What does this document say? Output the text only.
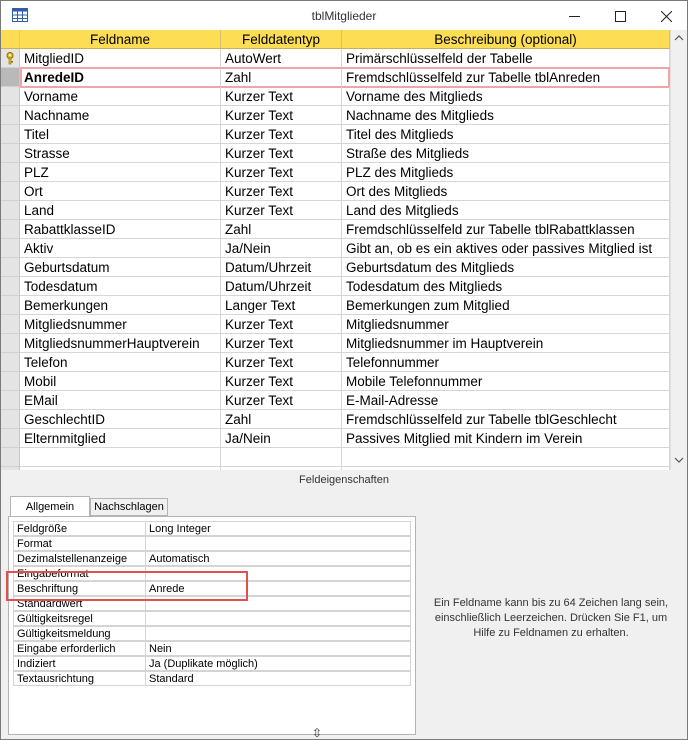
tblMitglieder
Feldname	Felddatentyp	Beschreibung (optional)
MitgliedID	AutoWert	Primärschlüsselfeld der Tabelle
AnredeID	Zahl	Fremdschlüsselfeld zur Tabelle tblAnreden
Vorname	Kurzer Text	Vorname des Mitglieds
Nachname	Kurzer Text	Nachname des Mitglieds
Titel	Kurzer Text	Titel des Mitglieds
Strasse	Kurzer Text	Straße des Mitglieds
PLZ	Kurzer Text	PLZ des Mitglieds
Ort	Kurzer Text	Ort des Mitglieds
Land	Kurzer Text	Land des Mitglieds
RabattklasseID	Zahl	Fremdschlüsselfeld zur Tabelle tblRabattklassen
Aktiv	Ja/Nein	Gibt an, ob es ein aktives oder passives Mitglied ist
Geburtsdatum	Datum/Uhrzeit	Geburtsdatum des Mitglieds
Todesdatum	Datum/Uhrzeit	Todesdatum des Mitglieds
Bemerkungen	Langer Text	Bemerkungen zum Mitglied
Mitgliedsnummer	Kurzer Text	Mitgliedsnummer
MitgliedsnummerHauptverein	Kurzer Text	Mitgliedsnummer im Hauptverein
Telefon	Kurzer Text	Telefonnummer
Mobil	Kurzer Text	Mobile Telefonnummer
EMail	Kurzer Text	E-Mail-Adresse
GeschlechtID	Zahl	Fremdschlüsselfeld zur Tabelle tblGeschlecht
Elternmitglied	Ja/Nein	Passives Mitglied mit Kindern im Verein
Feldeigenschaften
Allgemein	Nachschlagen
Feldgröße	Long Integer
Format
Dezimalstellenanzeige	Automatisch
Eingabeformat
Beschriftung	Anrede
Standardwert
Gültigkeitsregel
Gültigkeitsmeldung
Eingabe erforderlich	Nein
Indiziert	Ja (Duplikate möglich)
Textausrichtung	Standard
Ein Feldname kann bis zu 64 Zeichen lang sein, einschließlich Leerzeichen. Drücken Sie F1, um Hilfe zu Feldnamen zu erhalten.
⇳
